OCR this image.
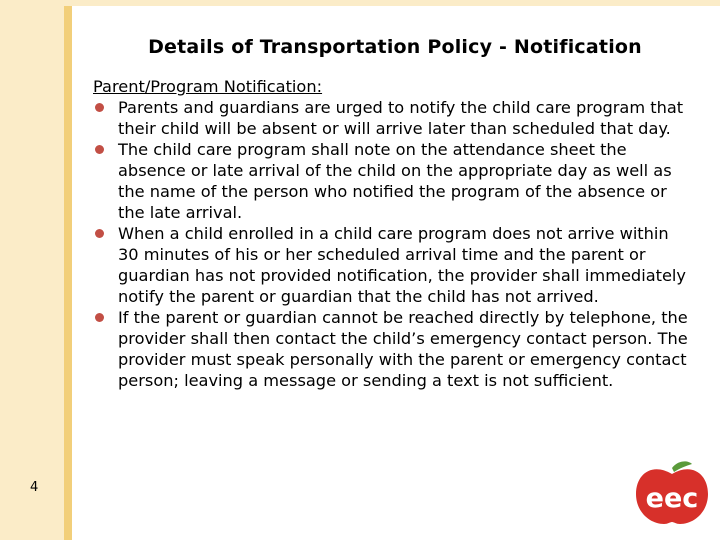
Details of Transportation Policy - Notification
Parent/Program Notification:
Parents and guardians are urged to notify the child care program that their child will be absent or will arrive later than scheduled that day.
The child care program shall note on the attendance sheet the absence or late arrival of the child on the appropriate day as well as the name of the person who notified the program of the absence or the late arrival.
When a child enrolled in a child care program does not arrive within 30 minutes of his or her scheduled arrival time and the parent or guardian has not provided notification, the provider shall immediately notify the parent or guardian that the child has not arrived.
If the parent or guardian cannot be reached directly by telephone, the provider shall then contact the child’s emergency contact person. The provider must speak personally with the parent or emergency contact person; leaving a message or sending a text is not sufficient.
4	eec
